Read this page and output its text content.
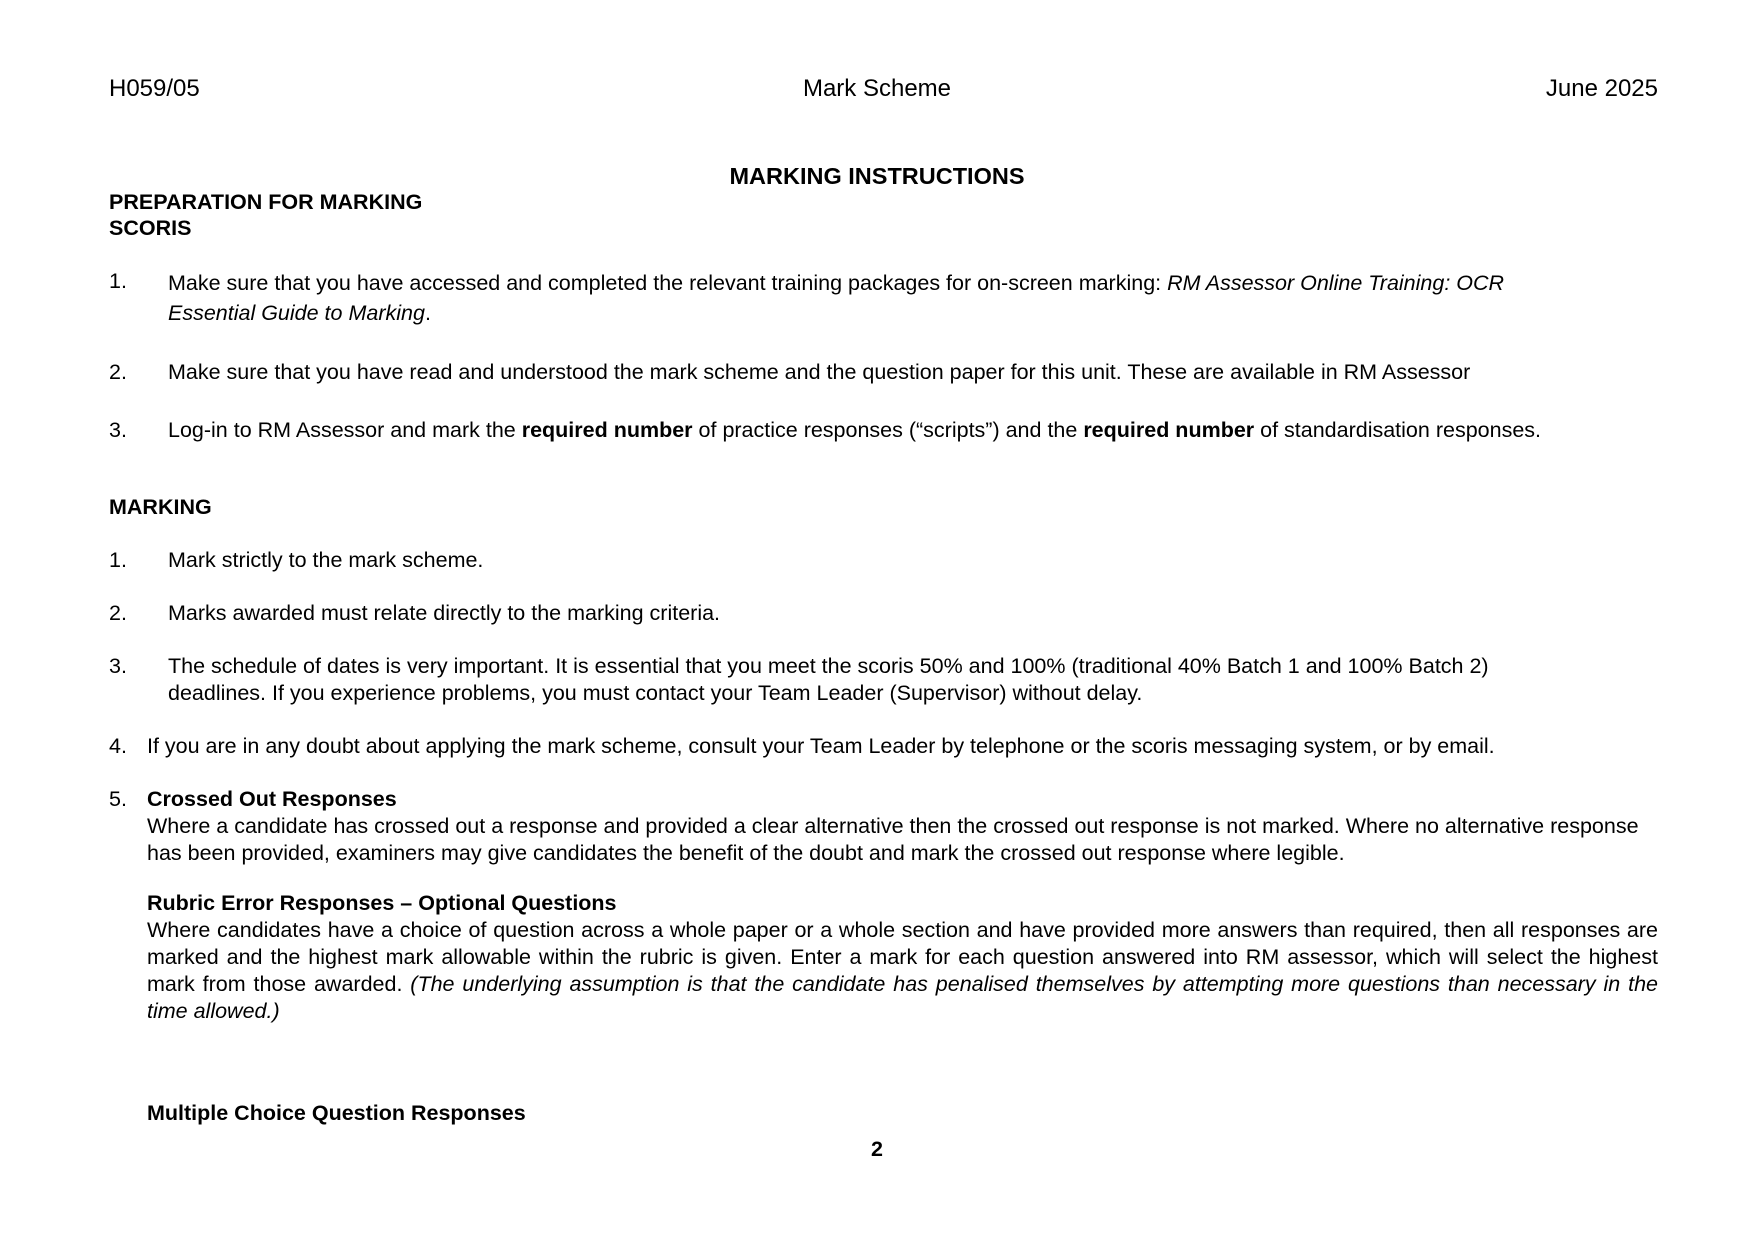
H059/05	Mark Scheme	June 2025
MARKING INSTRUCTIONS
PREPARATION FOR MARKING
SCORIS
1. Make sure that you have accessed and completed the relevant training packages for on-screen marking: RM Assessor Online Training: OCR
Essential Guide to Marking.
2. Make sure that you have read and understood the mark scheme and the question paper for this unit. These are available in RM Assessor
3. Log-in to RM Assessor and mark the required number of practice responses (“scripts”) and the required number of standardisation responses.
MARKING
1. Mark strictly to the mark scheme.
2. Marks awarded must relate directly to the marking criteria.
3. The schedule of dates is very important. It is essential that you meet the scoris 50% and 100% (traditional 40% Batch 1 and 100% Batch 2)
deadlines. If you experience problems, you must contact your Team Leader (Supervisor) without delay.
4. If you are in any doubt about applying the mark scheme, consult your Team Leader by telephone or the scoris messaging system, or by email.
5. Crossed Out Responses
Where a candidate has crossed out a response and provided a clear alternative then the crossed out response is not marked. Where no alternative response has been provided, examiners may give candidates the benefit of the doubt and mark the crossed out response where legible.
Rubric Error Responses – Optional Questions
Where candidates have a choice of question across a whole paper or a whole section and have provided more answers than required, then all responses are marked and the highest mark allowable within the rubric is given. Enter a mark for each question answered into RM assessor, which will select the highest mark from those awarded. (The underlying assumption is that the candidate has penalised themselves by attempting more questions than necessary in the time allowed.)
Multiple Choice Question Responses
2
